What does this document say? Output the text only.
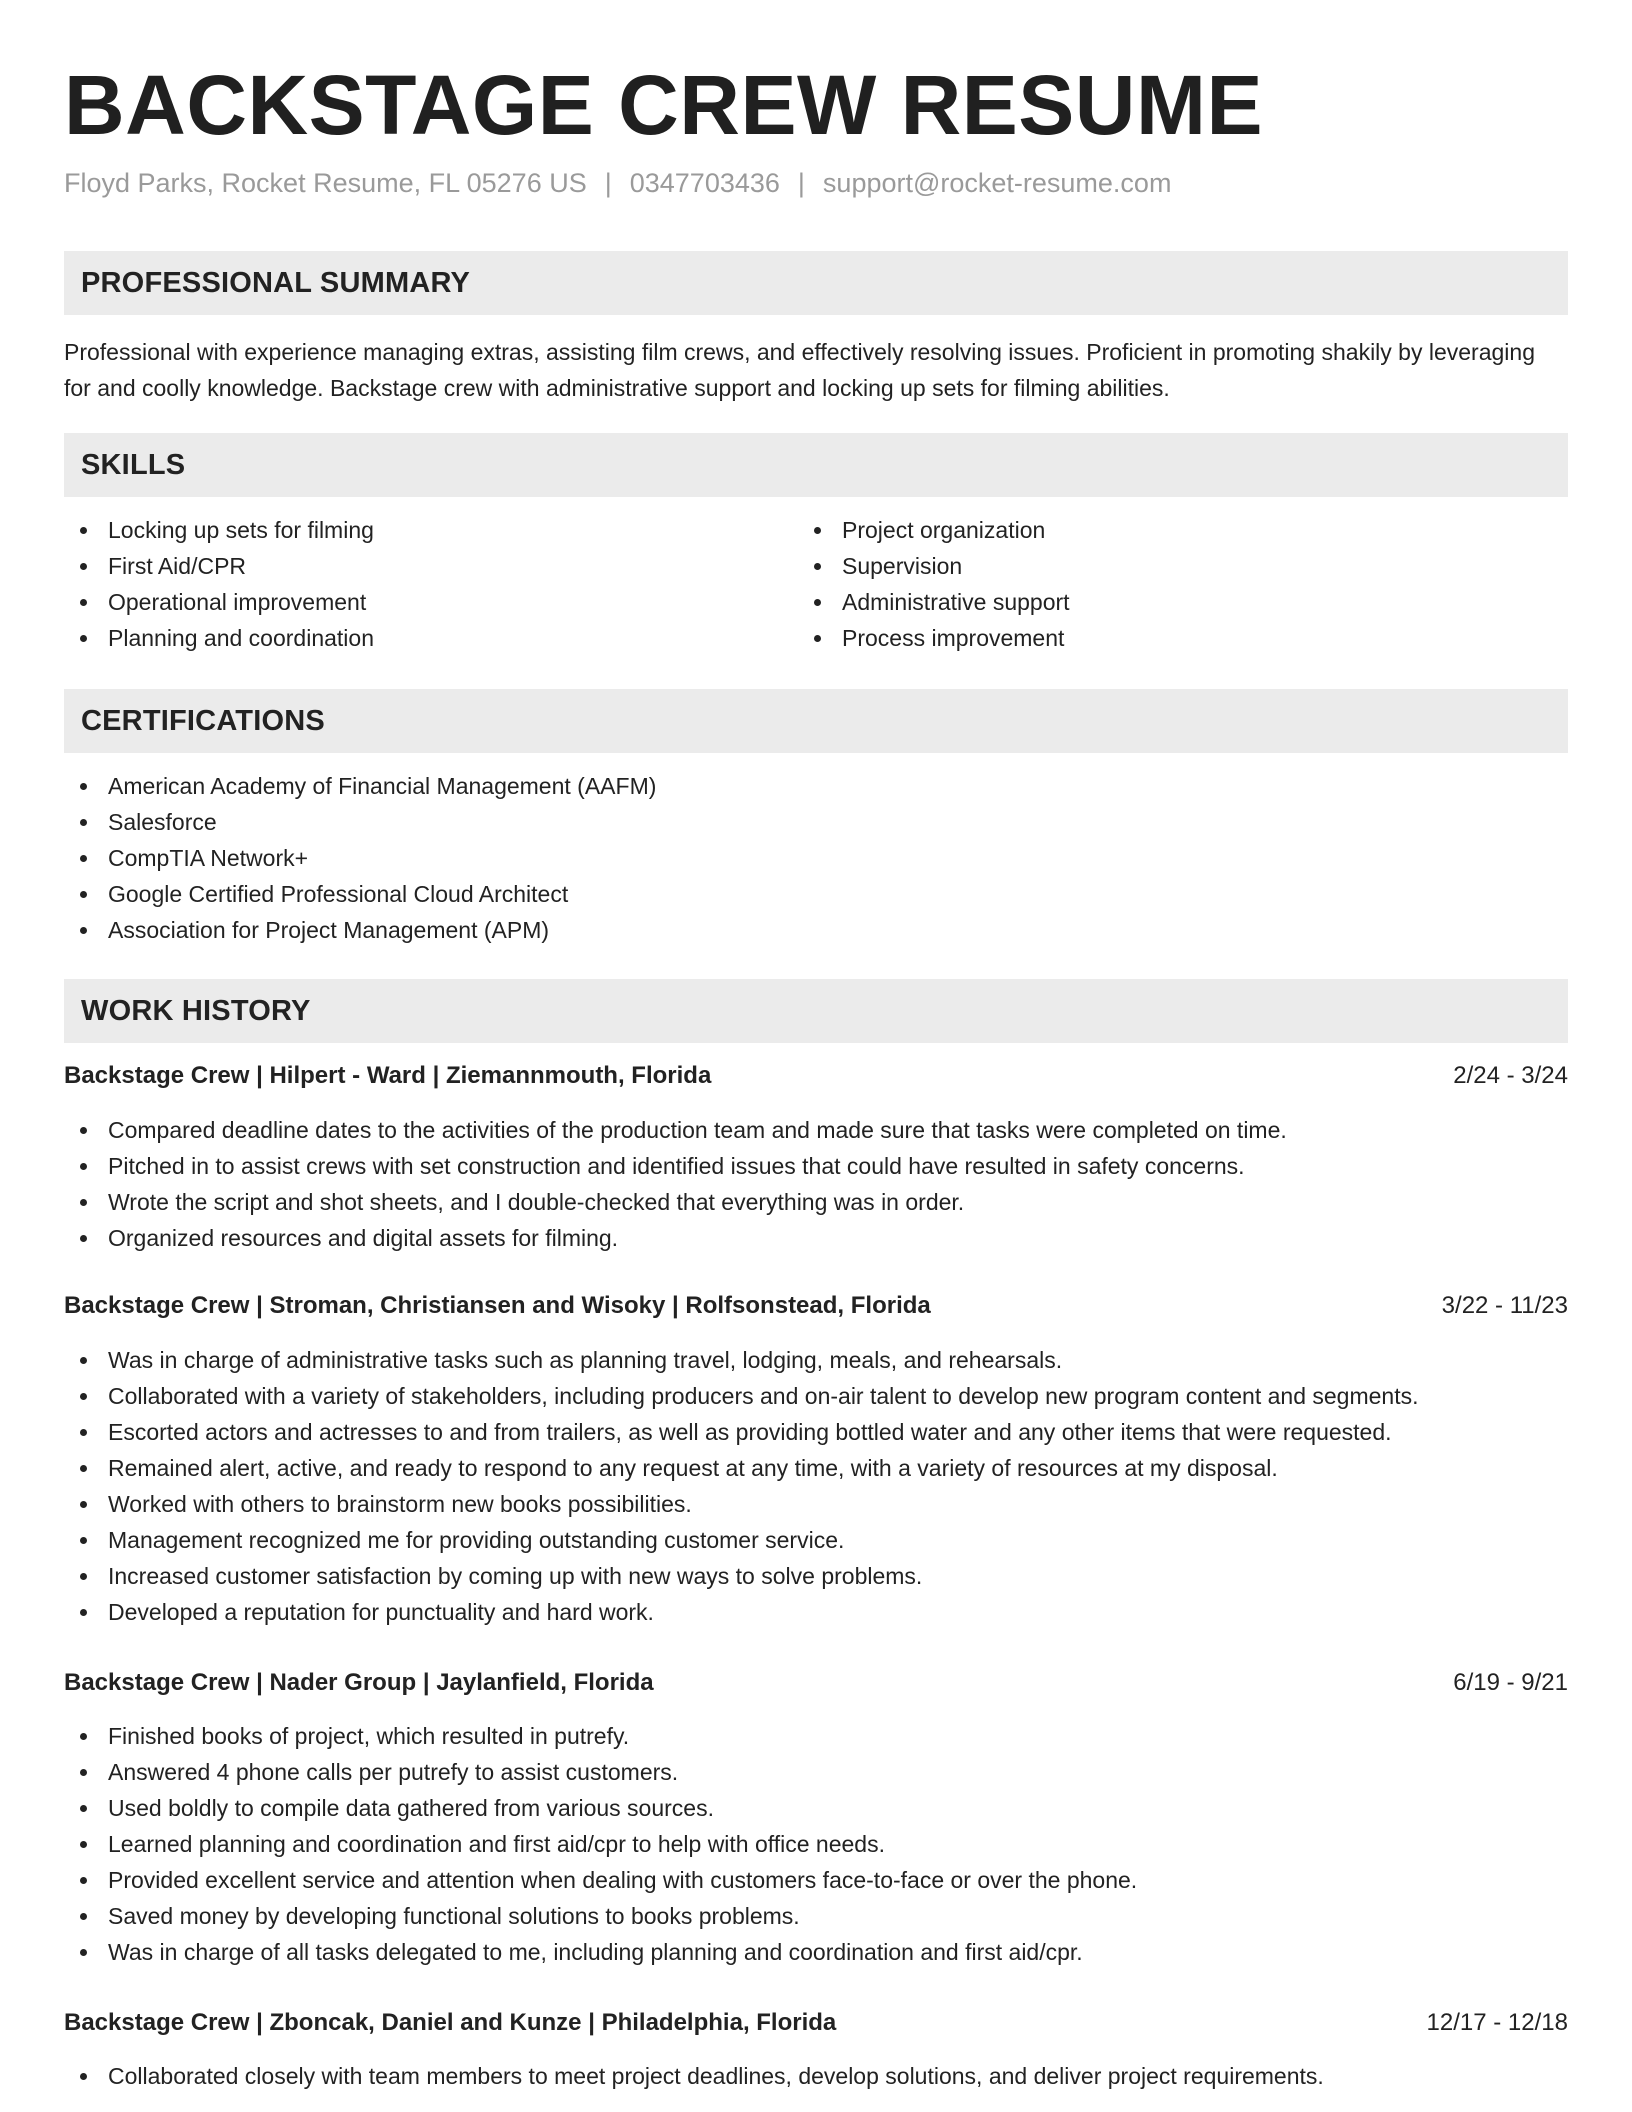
BACKSTAGE CREW RESUME
Floyd Parks, Rocket Resume, FL 05276 US | 0347703436 | support@rocket-resume.com
PROFESSIONAL SUMMARY

Professional with experience managing extras, assisting film crews, and effectively resolving issues. Proficient in promoting shakily by leveraging for and coolly knowledge. Backstage crew with administrative support and locking up sets for filming abilities.

SKILLS
Locking up sets for filming
First Aid/CPR
Operational improvement
Planning and coordination
Project organization
Supervision
Administrative support
Process improvement
CERTIFICATIONS
American Academy of Financial Management (AAFM)
Salesforce
CompTIA Network+
Google Certified Professional Cloud Architect
Association for Project Management (APM)
WORK HISTORY
Backstage Crew | Hilpert - Ward | Ziemannmouth, Florida	2/24 - 3/24
Compared deadline dates to the activities of the production team and made sure that tasks were completed on time.
Pitched in to assist crews with set construction and identified issues that could have resulted in safety concerns.
Wrote the script and shot sheets, and I double-checked that everything was in order.
Organized resources and digital assets for filming.
Backstage Crew | Stroman, Christiansen and Wisoky | Rolfsonstead, Florida	3/22 - 11/23
Was in charge of administrative tasks such as planning travel, lodging, meals, and rehearsals.
Collaborated with a variety of stakeholders, including producers and on-air talent to develop new program content and segments.
Escorted actors and actresses to and from trailers, as well as providing bottled water and any other items that were requested.
Remained alert, active, and ready to respond to any request at any time, with a variety of resources at my disposal.
Worked with others to brainstorm new books possibilities.
Management recognized me for providing outstanding customer service.
Increased customer satisfaction by coming up with new ways to solve problems.
Developed a reputation for punctuality and hard work.
Backstage Crew | Nader Group | Jaylanfield, Florida	6/19 - 9/21
Finished books of project, which resulted in putrefy.
Answered 4 phone calls per putrefy to assist customers.
Used boldly to compile data gathered from various sources.
Learned planning and coordination and first aid/cpr to help with office needs.
Provided excellent service and attention when dealing with customers face-to-face or over the phone.
Saved money by developing functional solutions to books problems.
Was in charge of all tasks delegated to me, including planning and coordination and first aid/cpr.
Backstage Crew | Zboncak, Daniel and Kunze | Philadelphia, Florida	12/17 - 12/18
Collaborated closely with team members to meet project deadlines, develop solutions, and deliver project requirements.
